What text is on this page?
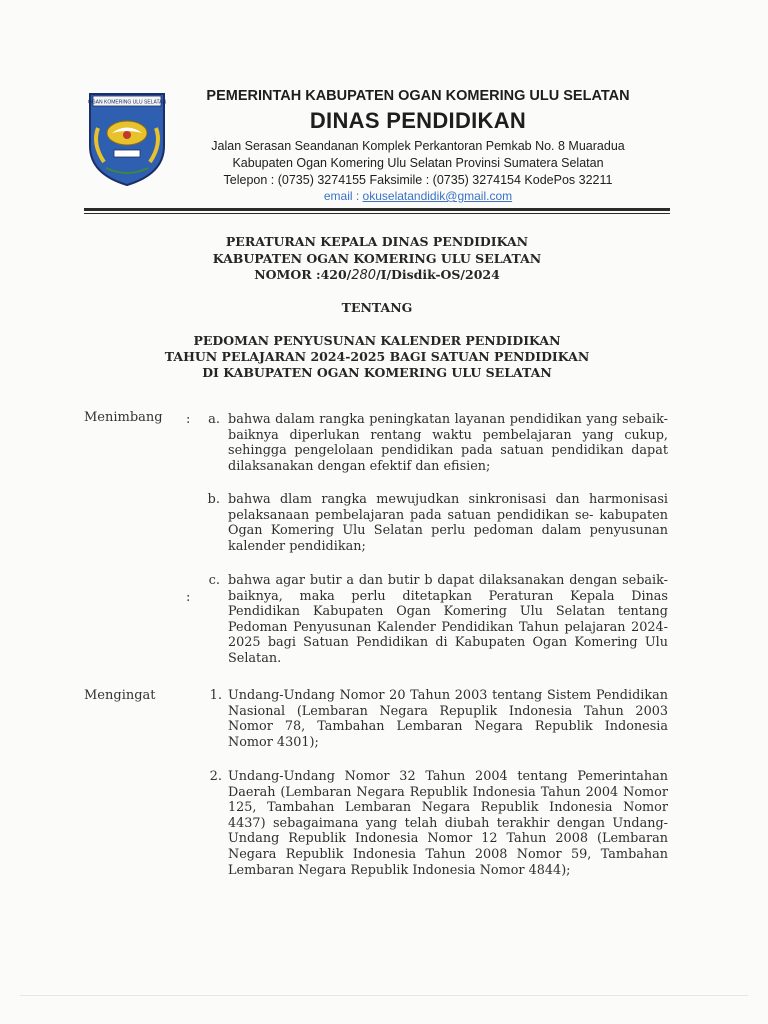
OGAN KOMERING ULU SELATAN	PEMERINTAH KABUPATEN OGAN KOMERING ULU SELATAN
DINAS PENDIDIKAN
Jalan Serasan Seandanan Komplek Perkantoran Pemkab No. 8 Muaradua
Kabupaten Ogan Komering Ulu Selatan Provinsi Sumatera Selatan
Telepon : (0735) 3274155 Faksimile : (0735) 3274154 KodePos 32211
email : okuselatandidik@gmail.com
PERATURAN KEPALA DINAS PENDIDIKAN
KABUPATEN OGAN KOMERING ULU SELATAN
NOMOR :420/280/I/Disdik-OS/2024
TENTANG
PEDOMAN PENYUSUNAN KALENDER PENDIDIKAN
TAHUN PELAJARAN 2024-2025 BAGI SATUAN PENDIDIKAN
DI KABUPATEN OGAN KOMERING ULU SELATAN
Menimbang :	a. bahwa dalam rangka peningkatan layanan pendidikan yang sebaik-baiknya diperlukan rentang waktu pembelajaran yang cukup, sehingga pengelolaan pendidikan pada satuan pendidikan dapat dilaksanakan dengan efektif dan efisien;
b. bahwa dlam rangka mewujudkan sinkronisasi dan harmonisasi pelaksanaan pembelajaran pada satuan pendidikan se- kabupaten Ogan Komering Ulu Selatan perlu pedoman dalam penyusunan kalender pendidikan;
c. bahwa agar butir a dan butir b dapat dilaksanakan dengan sebaik-baiknya, maka perlu ditetapkan Peraturan Kepala Dinas Pendidikan Kabupaten Ogan Komering Ulu Selatan tentang Pedoman Penyusunan Kalender Pendidikan Tahun pelajaran 2024-2025 bagi Satuan Pendidikan di Kabupaten Ogan Komering Ulu Selatan.
Mengingat
:
1. Undang-Undang Nomor 20 Tahun 2003 tentang Sistem Pendidikan Nasional (Lembaran Negara Repuplik Indonesia Tahun 2003 Nomor 78, Tambahan Lembaran Negara Republik Indonesia Nomor 4301);
2. Undang-Undang Nomor 32 Tahun 2004 tentang Pemerintahan Daerah (Lembaran Negara Republik Indonesia Tahun 2004 Nomor 125, Tambahan Lembaran Negara Republik Indonesia Nomor 4437) sebagaimana yang telah diubah terakhir dengan Undang-Undang Republik Indonesia Nomor 12 Tahun 2008 (Lembaran Negara Republik Indonesia Tahun 2008 Nomor 59, Tambahan Lembaran Negara Republik Indonesia Nomor 4844);
